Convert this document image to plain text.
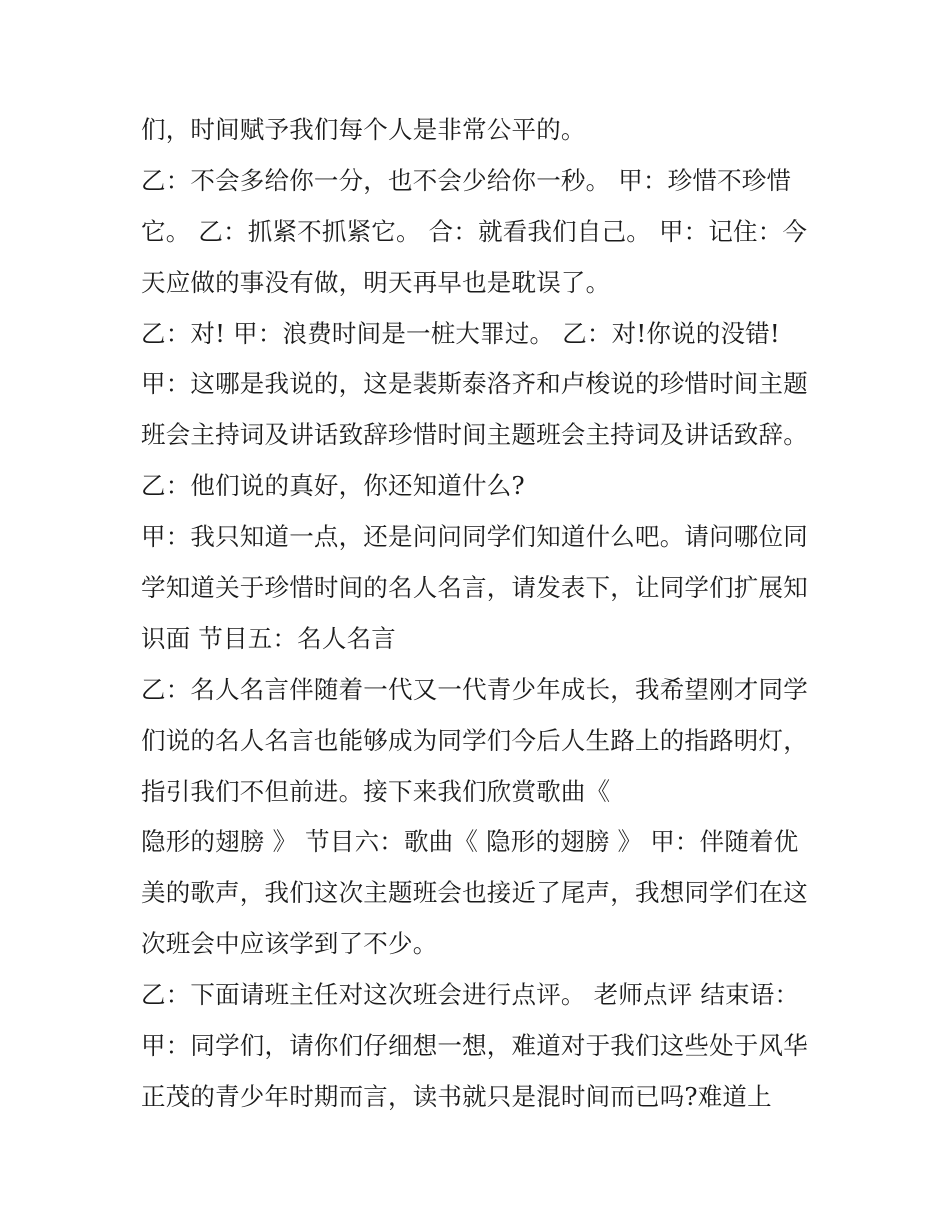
们，时间赋予我们每个人是非常公平的。
乙：不会多给你一分，也不会少给你一秒。 甲：珍惜不珍惜
它。 乙：抓紧不抓紧它。 合：就看我们自己。 甲：记住：今
天应做的事没有做，明天再早也是耽误了。
乙：对! 甲：浪费时间是一桩大罪过。 乙：对!你说的没错!
甲：这哪是我说的，这是裴斯泰洛齐和卢梭说的珍惜时间主题
班会主持词及讲话致辞珍惜时间主题班会主持词及讲话致辞。
乙：他们说的真好，你还知道什么?
甲：我只知道一点，还是问问同学们知道什么吧。请问哪位同
学知道关于珍惜时间的名人名言，请发表下，让同学们扩展知
识面 节目五：名人名言
乙：名人名言伴随着一代又一代青少年成长，我希望刚才同学
们说的名人名言也能够成为同学们今后人生路上的指路明灯，
指引我们不但前进。接下来我们欣赏歌曲《
隐形的翅膀 》 节目六：歌曲《 隐形的翅膀 》 甲：伴随着优
美的歌声，我们这次主题班会也接近了尾声，我想同学们在这
次班会中应该学到了不少。
乙：下面请班主任对这次班会进行点评。 老师点评 结束语：
甲：同学们，请你们仔细想一想，难道对于我们这些处于风华
正茂的青少年时期而言，读书就只是混时间而已吗?难道上
